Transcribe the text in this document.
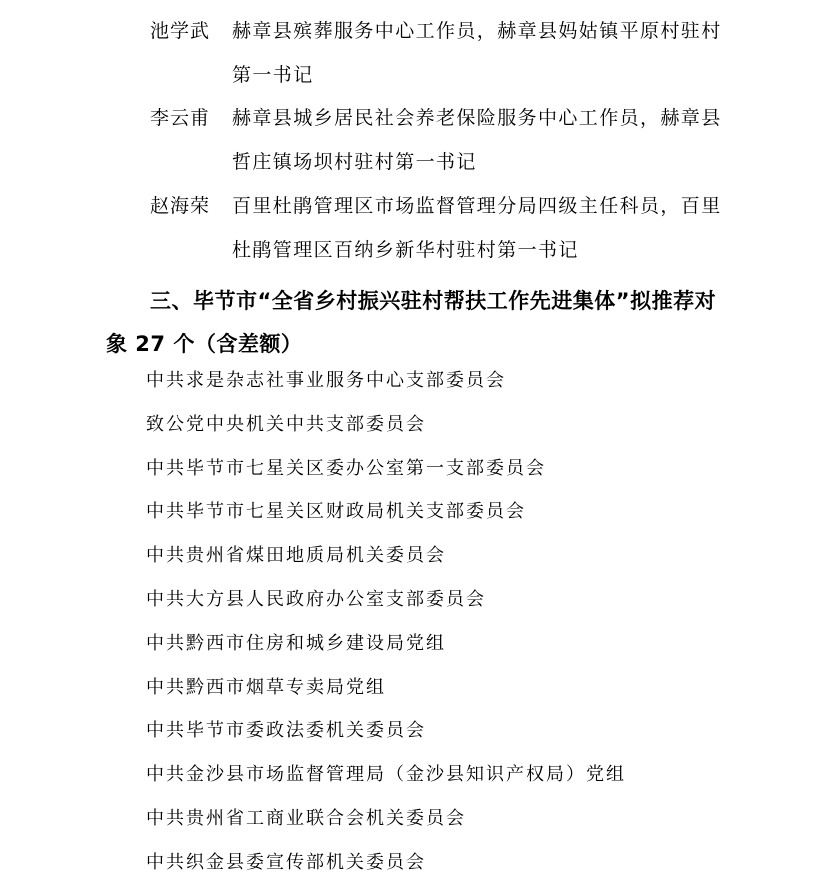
池学武 赫章县殡葬服务中心工作员，赫章县妈姑镇平原村驻村第一书记
李云甫 赫章县城乡居民社会养老保险服务中心工作员，赫章县哲庄镇场坝村驻村第一书记
赵海荣 百里杜鹃管理区市场监督管理分局四级主任科员，百里杜鹃管理区百纳乡新华村驻村第一书记
三、毕节市“全省乡村振兴驻村帮扶工作先进集体”拟推荐对
象 27 个（含差额）
中共求是杂志社事业服务中心支部委员会
致公党中央机关中共支部委员会
中共毕节市七星关区委办公室第一支部委员会
中共毕节市七星关区财政局机关支部委员会
中共贵州省煤田地质局机关委员会
中共大方县人民政府办公室支部委员会
中共黔西市住房和城乡建设局党组
中共黔西市烟草专卖局党组
中共毕节市委政法委机关委员会
中共金沙县市场监督管理局（金沙县知识产权局）党组
中共贵州省工商业联合会机关委员会
中共织金县委宣传部机关委员会
